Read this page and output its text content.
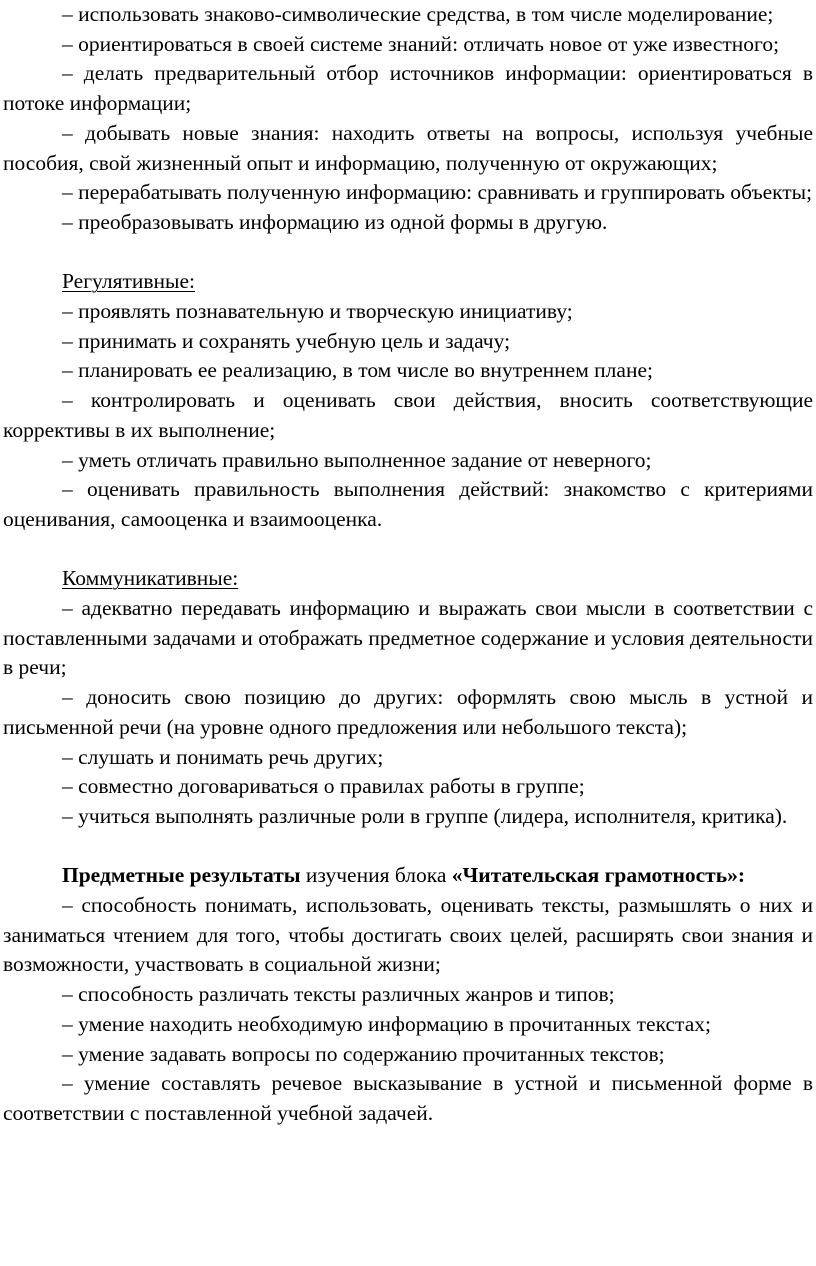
– использовать знаково-символические средства, в том числе моделирование;

– ориентироваться в своей системе знаний: отличать новое от уже известного;

– делать предварительный отбор источников информации: ориентироваться в потоке информации;

– добывать новые знания: находить ответы на вопросы, используя учебные пособия, свой жизненный опыт и информацию, полученную от окружающих;

– перерабатывать полученную информацию: сравнивать и группировать объекты;

– преобразовывать информацию из одной формы в другую.

Регулятивные:

– проявлять познавательную и творческую инициативу;

– принимать и сохранять учебную цель и задачу;

– планировать ее реализацию, в том числе во внутреннем плане;

– контролировать и оценивать свои действия, вносить соответствующие коррективы в их выполнение;

– уметь отличать правильно выполненное задание от неверного;

– оценивать правильность выполнения действий: знакомство с критериями оценивания, самооценка и взаимооценка.

Коммуникативные:

– адекватно передавать информацию и выражать свои мысли в соответствии с поставленными задачами и отображать предметное содержание и условия деятельности в речи;

– доносить свою позицию до других: оформлять свою мысль в устной и письменной речи (на уровне одного предложения или небольшого текста);

– слушать и понимать речь других;

– совместно договариваться о правилах работы в группе;

– учиться выполнять различные роли в группе (лидера, исполнителя, критика).

Предметные результаты изучения блока «Читательская грамотность»:

– способность понимать, использовать, оценивать тексты, размышлять о них и заниматься чтением для того, чтобы достигать своих целей, расширять свои знания и возможности, участвовать в социальной жизни;

– способность различать тексты различных жанров и типов;

– умение находить необходимую информацию в прочитанных текстах;

– умение задавать вопросы по содержанию прочитанных текстов;

– умение составлять речевое высказывание в устной и письменной форме в соответствии с поставленной учебной задачей.
